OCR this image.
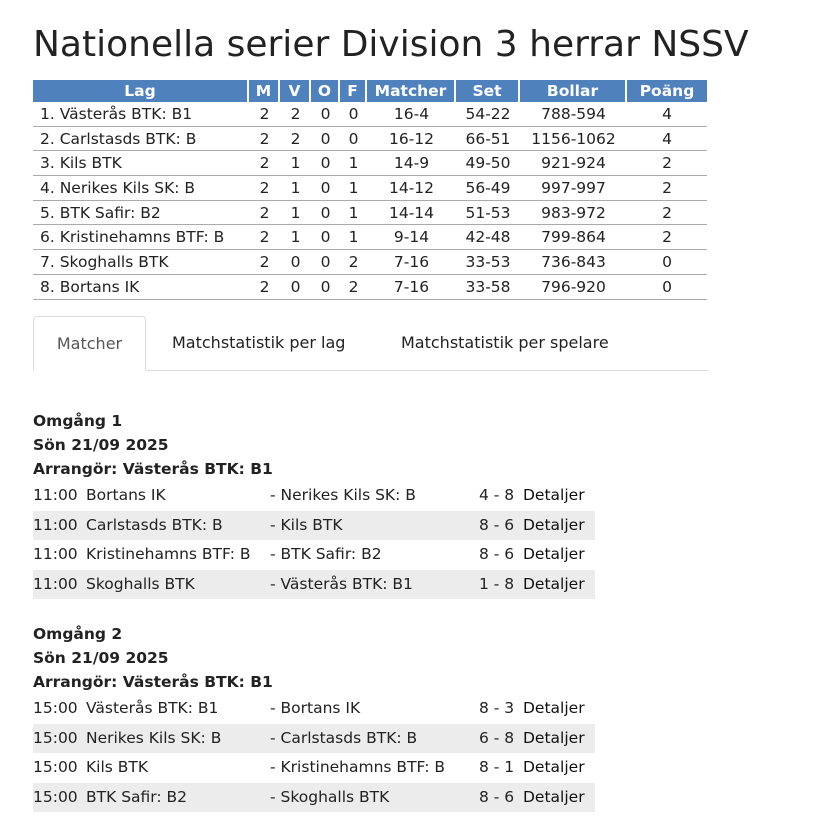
Nationella serier Division 3 herrar NSSV
Lag	M	V	O	F	Matcher	Set	Bollar	Poäng
1. Västerås BTK: B1	2	2	0	0	16-4	54-22	788-594	4
2. Carlstasds BTK: B	2	2	0	0	16-12	66-51	1156-1062	4
3. Kils BTK	2	1	0	1	14-9	49-50	921-924	2
4. Nerikes Kils SK: B	2	1	0	1	14-12	56-49	997-997	2
5. BTK Safir: B2	2	1	0	1	14-14	51-53	983-972	2
6. Kristinehamns BTF: B	2	1	0	1	9-14	42-48	799-864	2
7. Skoghalls BTK	2	0	0	2	7-16	33-53	736-843	0
8. Bortans IK	2	0	0	2	7-16	33-58	796-920	0
Matcher	Matchstatistik per lag	Matchstatistik per spelare
Omgång 1
Sön 21/09 2025
Arrangör: Västerås BTK: B1
11:00 Bortans IK	- Nerikes Kils SK: B	4 - 8 Detaljer
11:00 Carlstasds BTK: B	- Kils BTK	8 - 6 Detaljer
11:00 Kristinehamns BTF: B - BTK Safir: B2	8 - 6 Detaljer
11:00 Skoghalls BTK	- Västerås BTK: B1	1 - 8 Detaljer
Omgång 2
Sön 21/09 2025
Arrangör: Västerås BTK: B1
15:00 Västerås BTK: B1	- Bortans IK	8 - 3 Detaljer
15:00 Nerikes Kils SK: B	- Carlstasds BTK: B	6 - 8 Detaljer
15:00 Kils BTK	- Kristinehamns BTF: B 8 - 1 Detaljer
15:00 BTK Safir: B2	- Skoghalls BTK	8 - 6 Detaljer
